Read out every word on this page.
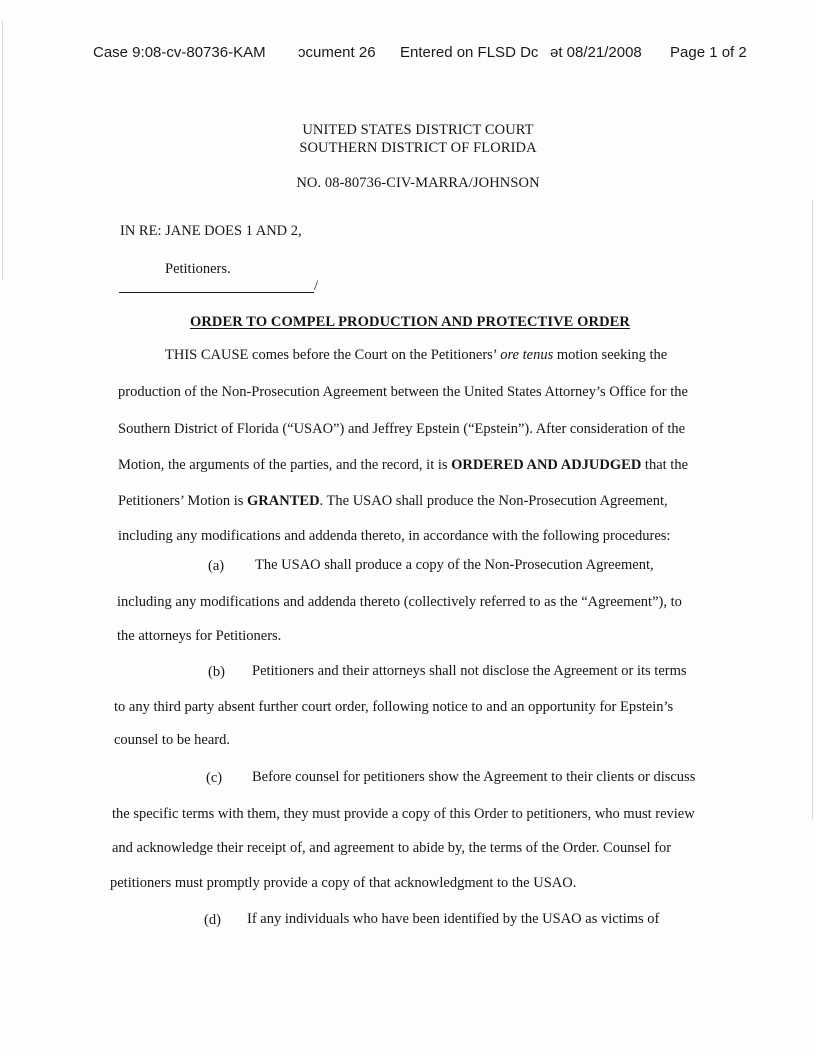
Case 9:08-cv-80736-KAM ɔcument 26 Entered on FLSD Dc ət 08/21/2008 Page 1 of 2
UNITED STATES DISTRICT COURT
SOUTHERN DISTRICT OF FLORIDA
NO. 08-80736-CIV-MARRA/JOHNSON
IN RE: JANE DOES 1 AND 2,
Petitioners.
/
ORDER TO COMPEL PRODUCTION AND PROTECTIVE ORDER
THIS CAUSE comes before the Court on the Petitioners’ ore tenus motion seeking the
production of the Non-Prosecution Agreement between the United States Attorney’s Office for the
Southern District of Florida (“USAO”) and Jeffrey Epstein (“Epstein”). After consideration of the
Motion, the arguments of the parties, and the record, it is ORDERED AND ADJUDGED that the
Petitioners’ Motion is GRANTED. The USAO shall produce the Non-Prosecution Agreement,
including any modifications and addenda thereto, in accordance with the following procedures:
(a) The USAO shall produce a copy of the Non-Prosecution Agreement,
including any modifications and addenda thereto (collectively referred to as the “Agreement”), to
the attorneys for Petitioners.
(b) Petitioners and their attorneys shall not disclose the Agreement or its terms
to any third party absent further court order, following notice to and an opportunity for Epstein’s
counsel to be heard.
(c) Before counsel for petitioners show the Agreement to their clients or discuss
the specific terms with them, they must provide a copy of this Order to petitioners, who must review
and acknowledge their receipt of, and agreement to abide by, the terms of the Order. Counsel for
petitioners must promptly provide a copy of that acknowledgment to the USAO.
(d) If any individuals who have been identified by the USAO as victims of
